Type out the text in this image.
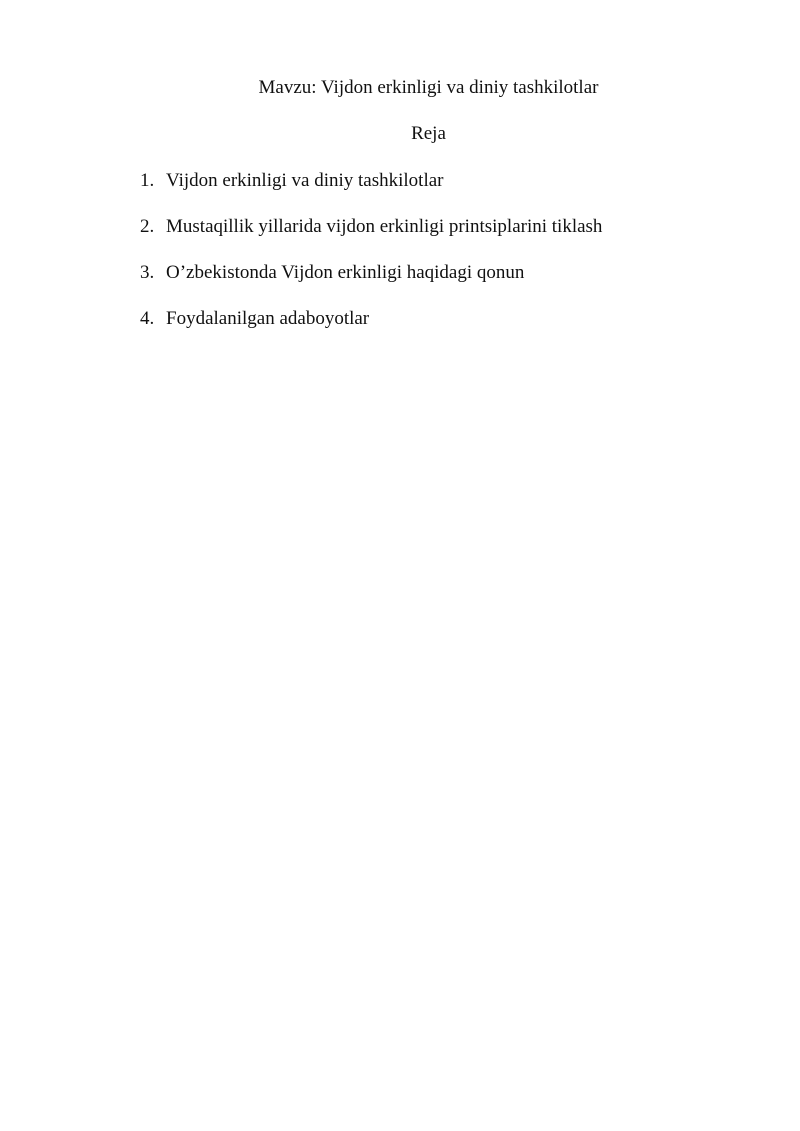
Mavzu: Vijdon erkinligi va diniy tashkilotlar
Reja
1. Vijdon erkinligi va diniy tashkilotlar
2. Mustaqillik yillarida vijdon erkinligi printsiplarini tiklash
3. O’zbekistonda Vijdon erkinligi haqidagi qonun
4. Foydalanilgan adaboyotlar
